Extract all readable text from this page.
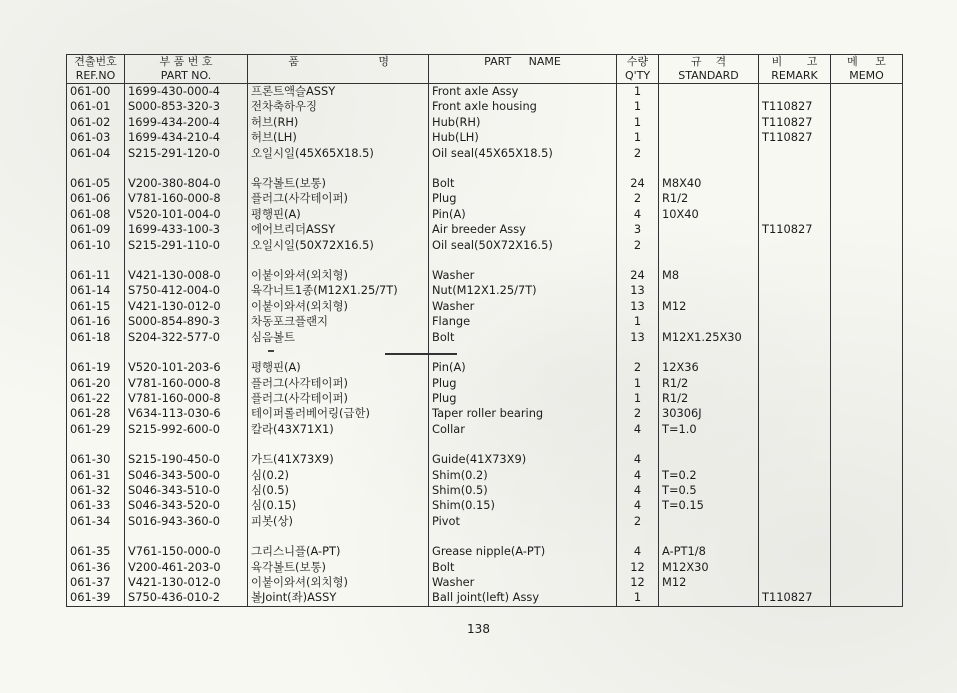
견출번호	부 품 번 호	품	명	PART     NAME	수량	규    격	비       고	메     모
REF.NO	PART NO.				Q'TY	STANDARD	REMARK	MEMO
061-00	1699-430-000-4	프론트액슬ASSY		Front axle Assy	1			
061-01	S000-853-320-3	전차축하우징		Front axle housing	1		T110827	
061-02	1699-434-200-4	허브(RH)		Hub(RH)	1		T110827	
061-03	1699-434-210-4	허브(LH)		Hub(LH)	1		T110827	
061-04	S215-291-120-0	오일시일(45X65X18.5)		Oil seal(45X65X18.5)	2			

061-05	V200-380-804-0	육각볼트(보통)		Bolt	24	M8X40		
061-06	V781-160-000-8	플러그(사각테이퍼)		Plug	2	R1/2		
061-08	V520-101-004-0	평행핀(A)		Pin(A)	4	10X40		
061-09	1699-433-100-3	에어브리더ASSY		Air breeder Assy	3		T110827	
061-10	S215-291-110-0	오일시일(50X72X16.5)		Oil seal(50X72X16.5)	2			

061-11	V421-130-008-0	이붙이와셔(외치형)		Washer	24	M8		
061-14	S750-412-004-0	육각너트1종(M12X1.25/7T)		Nut(M12X1.25/7T)	13			
061-15	V421-130-012-0	이붙이와셔(외치형)		Washer	13	M12		
061-16	S000-854-890-3	차동포크플랜지		Flange	1			
061-18	S204-322-577-0	심음볼트		Bolt	13	M12X1.25X30		

061-19	V520-101-203-6	평행핀(A)		Pin(A)	2	12X36		
061-20	V781-160-000-8	플러그(사각테이퍼)		Plug	1	R1/2		
061-22	V781-160-000-8	플러그(사각테이퍼)		Plug	1	R1/2		
061-28	V634-113-030-6	테이퍼롤러베어링(급한)		Taper roller bearing	2	30306J		
061-29	S215-992-600-0	칼라(43X71X1)		Collar	4	T=1.0		

061-30	S215-190-450-0	가드(41X73X9)		Guide(41X73X9)	4			
061-31	S046-343-500-0	심(0.2)		Shim(0.2)	4	T=0.2		
061-32	S046-343-510-0	심(0.5)		Shim(0.5)	4	T=0.5		
061-33	S046-343-520-0	심(0.15)		Shim(0.15)	4	T=0.15		
061-34	S016-943-360-0	피봇(상)		Pivot	2			

061-35	V761-150-000-0	그리스니플(A-PT)		Grease nipple(A-PT)	4	A-PT1/8		
061-36	V200-461-203-0	육각볼트(보통)		Bolt	12	M12X30		
061-37	V421-130-012-0	이붙이와셔(외치형)		Washer	12	M12		
061-39	S750-436-010-2	볼Joint(좌)ASSY		Ball joint(left) Assy	1		T110827	
138
